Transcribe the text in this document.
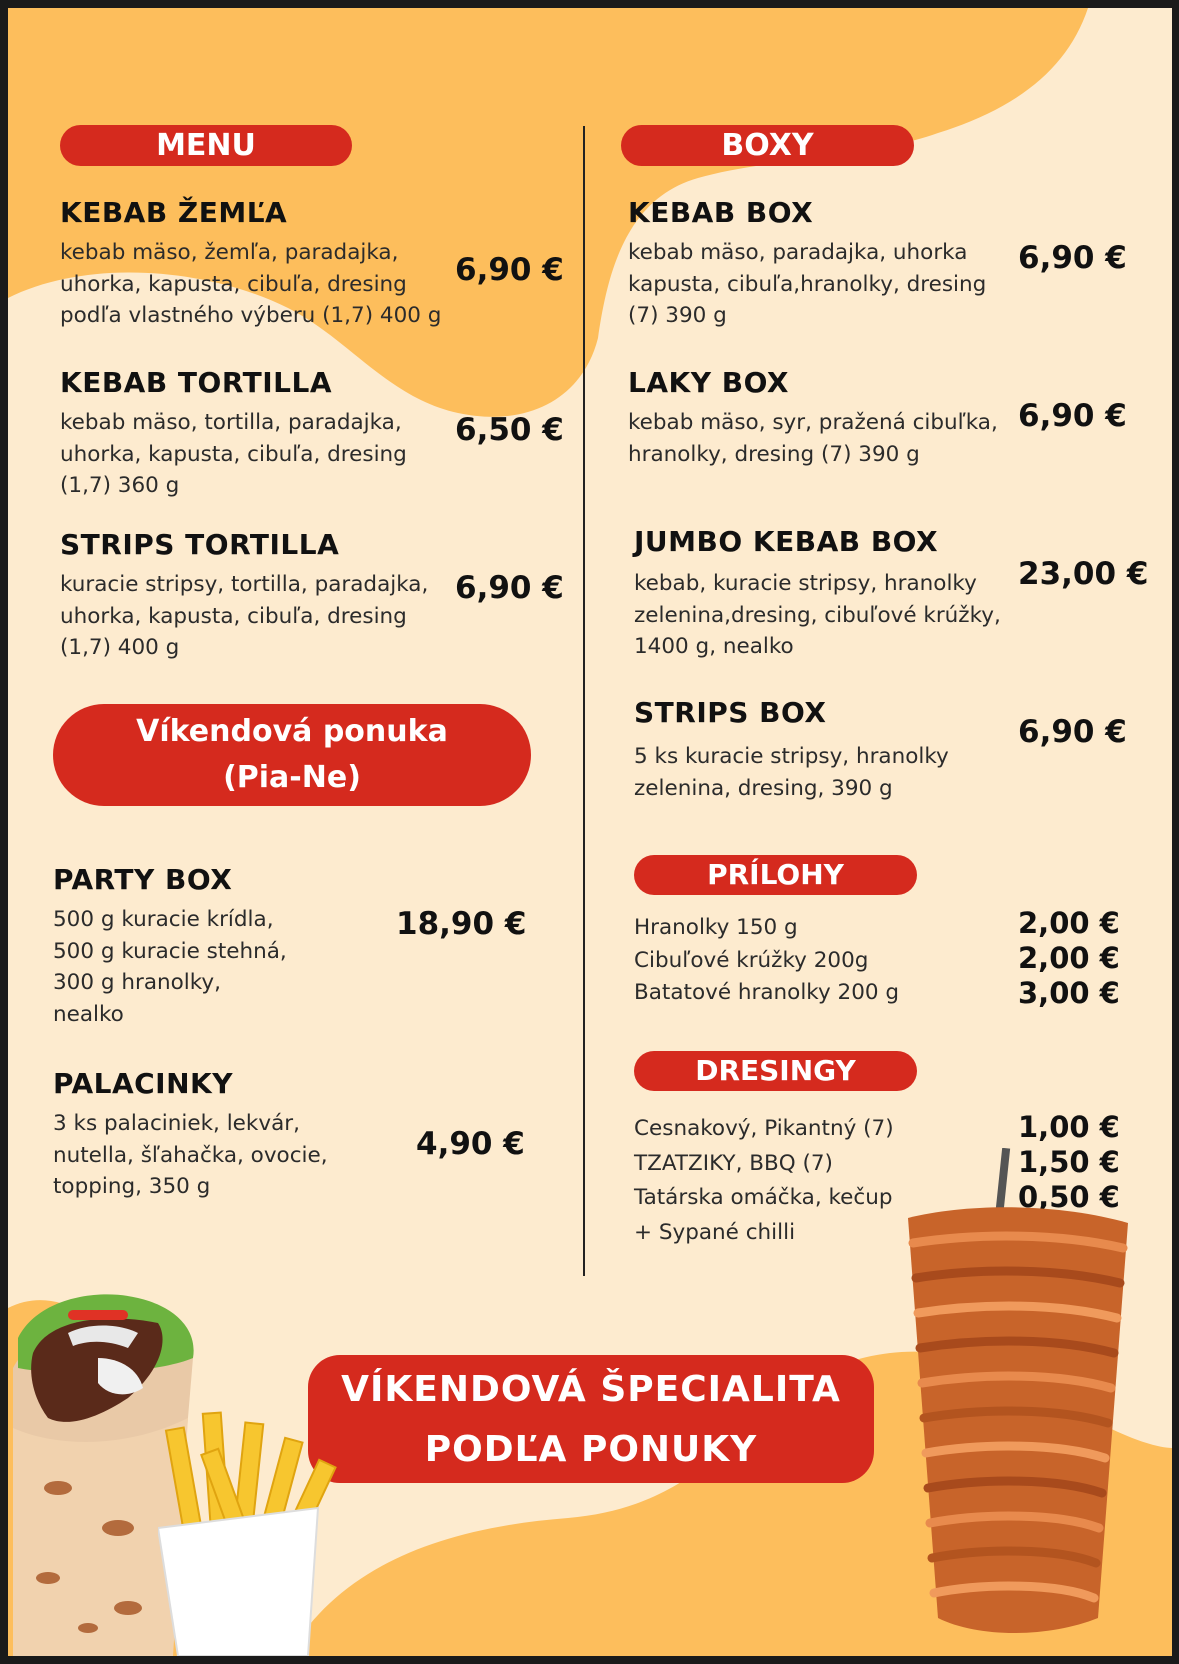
MENU
KEBAB ŽEMĽA
kebab mäso, žemľa, paradajka,
uhorka, kapusta, cibuľa, dresing
podľa vlastného výberu (1,7) 400 g
6,90 €
KEBAB TORTILLA
kebab mäso, tortilla, paradajka,
uhorka, kapusta, cibuľa, dresing
(1,7) 360 g
6,50 €
STRIPS TORTILLA
kuracie stripsy, tortilla, paradajka,
uhorka, kapusta, cibuľa, dresing
(1,7) 400 g
6,90 €
Víkendová ponuka
(Pia-Ne)
PARTY BOX
500 g kuracie krídla,
500 g kuracie stehná,
300 g hranolky,
nealko
18,90 €
PALACINKY
3 ks palaciniek, lekvár,
nutella, šľahačka, ovocie,
topping, 350 g
4,90 €
BOXY
KEBAB BOX
kebab mäso, paradajka, uhorka
kapusta, cibuľa,hranolky, dresing
(7) 390 g
6,90 €
LAKY BOX
kebab mäso, syr, pražená cibuľka,
hranolky, dresing (7) 390 g
6,90 €
JUMBO KEBAB BOX
kebab, kuracie stripsy, hranolky
zelenina,dresing, cibuľové krúžky,
1400 g, nealko
23,00 €
STRIPS BOX
5 ks kuracie stripsy, hranolky
zelenina, dresing, 390 g
6,90 €
PRÍLOHY
Hranolky 150 g
Cibuľové krúžky 200g
Batatové hranolky 200 g
2,00 €
2,00 €
3,00 €
DRESINGY
Cesnakový, Pikantný (7)
TZATZIKY, BBQ (7)
Tatárska omáčka, kečup
+ Sypané chilli
1,00 €
1,50 €
0,50 €
VÍKENDOVÁ ŠPECIALITA
PODĽA PONUKY
